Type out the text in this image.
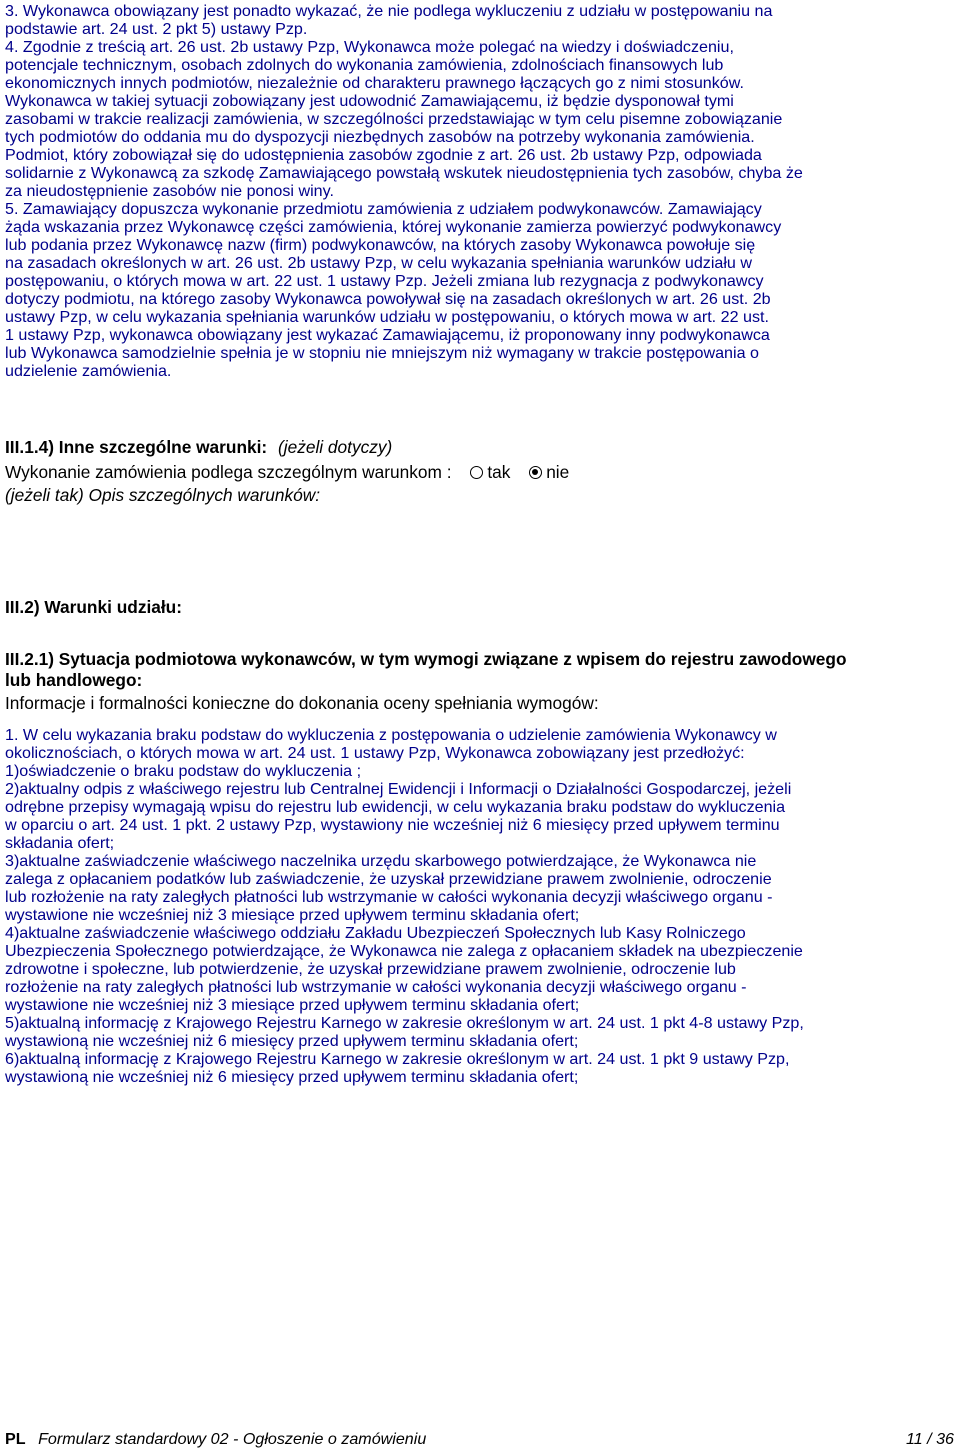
3. Wykonawca obowiązany jest ponadto wykazać, że nie podlega wykluczeniu z udziału w postępowaniu na
podstawie art. 24 ust. 2 pkt 5) ustawy Pzp.
4. Zgodnie z treścią art. 26 ust. 2b ustawy Pzp, Wykonawca może polegać na wiedzy i doświadczeniu,
potencjale technicznym, osobach zdolnych do wykonania zamówienia, zdolnościach finansowych lub
ekonomicznych innych podmiotów, niezależnie od charakteru prawnego łączących go z nimi stosunków.
Wykonawca w takiej sytuacji zobowiązany jest udowodnić Zamawiającemu, iż będzie dysponował tymi
zasobami w trakcie realizacji zamówienia, w szczególności przedstawiając w tym celu pisemne zobowiązanie
tych podmiotów do oddania mu do dyspozycji niezbędnych zasobów na potrzeby wykonania zamówienia.
Podmiot, który zobowiązał się do udostępnienia zasobów zgodnie z art. 26 ust. 2b ustawy Pzp, odpowiada
solidarnie z Wykonawcą za szkodę Zamawiającego powstałą wskutek nieudostępnienia tych zasobów, chyba że
za nieudostępnienie zasobów nie ponosi winy.
5. Zamawiający dopuszcza wykonanie przedmiotu zamówienia z udziałem podwykonawców. Zamawiający
żąda wskazania przez Wykonawcę części zamówienia, której wykonanie zamierza powierzyć podwykonawcy
lub podania przez Wykonawcę nazw (firm) podwykonawców, na których zasoby Wykonawca powołuje się
na zasadach określonych w art. 26 ust. 2b ustawy Pzp, w celu wykazania spełniania warunków udziału w
postępowaniu, o których mowa w art. 22 ust. 1 ustawy Pzp. Jeżeli zmiana lub rezygnacja z podwykonawcy
dotyczy podmiotu, na którego zasoby Wykonawca powoływał się na zasadach określonych w art. 26 ust. 2b
ustawy Pzp, w celu wykazania spełniania warunków udziału w postępowaniu, o których mowa w art. 22 ust.
1 ustawy Pzp, wykonawca obowiązany jest wykazać Zamawiającemu, iż proponowany inny podwykonawca
lub Wykonawca samodzielnie spełnia je w stopniu nie mniejszym niż wymagany w trakcie postępowania o
udzielenie zamówienia.
III.1.4) Inne szczególne warunki: (jeżeli dotyczy)
Wykonanie zamówienia podlega szczególnym warunkom : tak nie
(jeżeli tak) Opis szczególnych warunków:
III.2) Warunki udziału:
III.2.1) Sytuacja podmiotowa wykonawców, w tym wymogi związane z wpisem do rejestru zawodowego
lub handlowego:
Informacje i formalności konieczne do dokonania oceny spełniania wymogów:
1. W celu wykazania braku podstaw do wykluczenia z postępowania o udzielenie zamówienia Wykonawcy w
okolicznościach, o których mowa w art. 24 ust. 1 ustawy Pzp, Wykonawca zobowiązany jest przedłożyć:
1)oświadczenie o braku podstaw do wykluczenia ;
2)aktualny odpis z właściwego rejestru lub Centralnej Ewidencji i Informacji o Działalności Gospodarczej, jeżeli
odrębne przepisy wymagają wpisu do rejestru lub ewidencji, w celu wykazania braku podstaw do wykluczenia
w oparciu o art. 24 ust. 1 pkt. 2 ustawy Pzp, wystawiony nie wcześniej niż 6 miesięcy przed upływem terminu
składania ofert;
3)aktualne zaświadczenie właściwego naczelnika urzędu skarbowego potwierdzające, że Wykonawca nie
zalega z opłacaniem podatków lub zaświadczenie, że uzyskał przewidziane prawem zwolnienie, odroczenie
lub rozłożenie na raty zaległych płatności lub wstrzymanie w całości wykonania decyzji właściwego organu -
wystawione nie wcześniej niż 3 miesiące przed upływem terminu składania ofert;
4)aktualne zaświadczenie właściwego oddziału Zakładu Ubezpieczeń Społecznych lub Kasy Rolniczego
Ubezpieczenia Społecznego potwierdzające, że Wykonawca nie zalega z opłacaniem składek na ubezpieczenie
zdrowotne i społeczne, lub potwierdzenie, że uzyskał przewidziane prawem zwolnienie, odroczenie lub
rozłożenie na raty zaległych płatności lub wstrzymanie w całości wykonania decyzji właściwego organu -
wystawione nie wcześniej niż 3 miesiące przed upływem terminu składania ofert;
5)aktualną informację z Krajowego Rejestru Karnego w zakresie określonym w art. 24 ust. 1 pkt 4-8 ustawy Pzp,
wystawioną nie wcześniej niż 6 miesięcy przed upływem terminu składania ofert;
6)aktualną informację z Krajowego Rejestru Karnego w zakresie określonym w art. 24 ust. 1 pkt 9 ustawy Pzp,
wystawioną nie wcześniej niż 6 miesięcy przed upływem terminu składania ofert;
PL Formularz standardowy 02 - Ogłoszenie o zamówieniu	11 / 36
